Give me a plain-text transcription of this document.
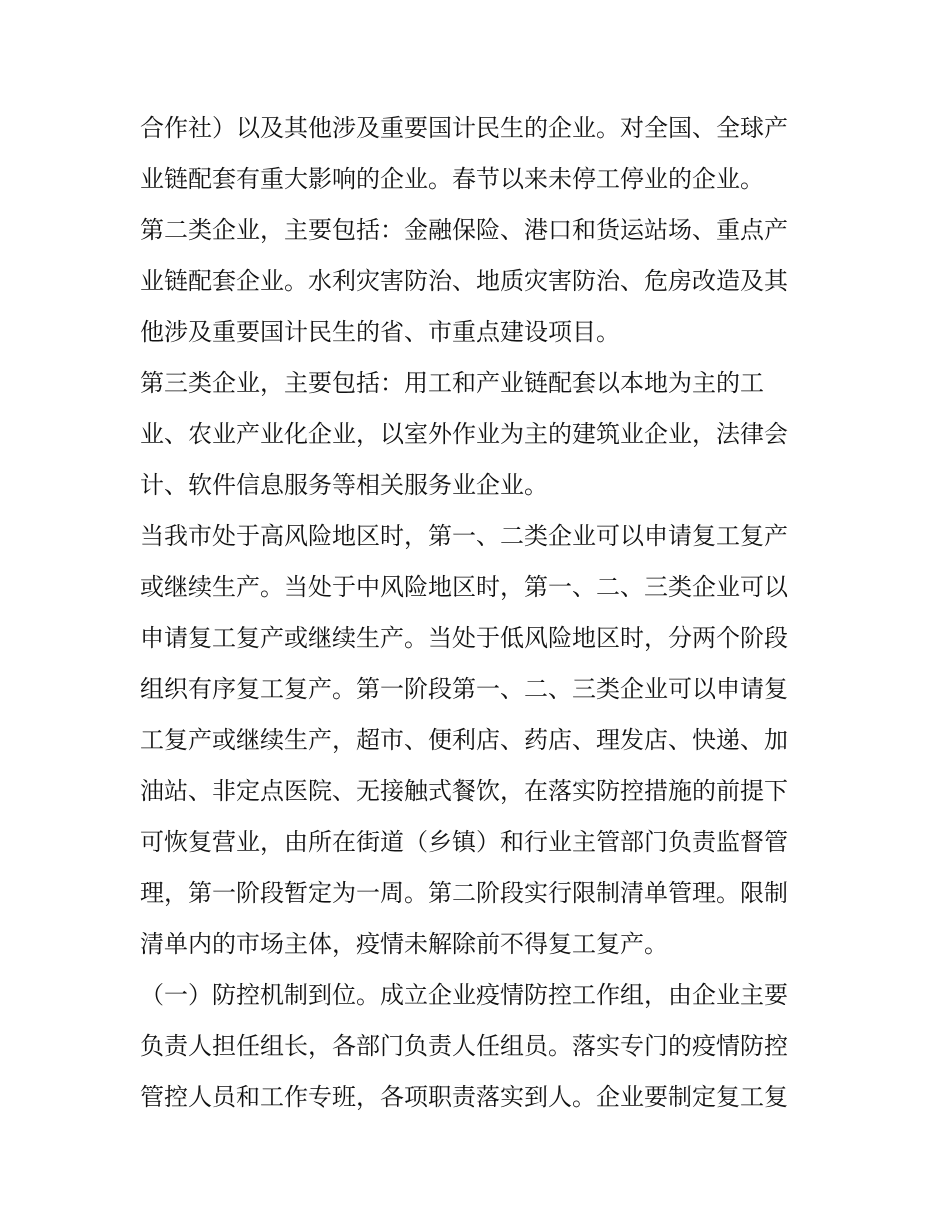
合作社）以及其他涉及重要国计民生的企业。对全国、全球产
业链配套有重大影响的企业。春节以来未停工停业的企业。
第二类企业，主要包括：金融保险、港口和货运站场、重点产
业链配套企业。水利灾害防治、地质灾害防治、危房改造及其
他涉及重要国计民生的省、市重点建设项目。
第三类企业，主要包括：用工和产业链配套以本地为主的工
业、农业产业化企业，以室外作业为主的建筑业企业，法律会
计、软件信息服务等相关服务业企业。
当我市处于高风险地区时，第一、二类企业可以申请复工复产
或继续生产。当处于中风险地区时，第一、二、三类企业可以
申请复工复产或继续生产。当处于低风险地区时，分两个阶段
组织有序复工复产。第一阶段第一、二、三类企业可以申请复
工复产或继续生产，超市、便利店、药店、理发店、快递、加
油站、非定点医院、无接触式餐饮，在落实防控措施的前提下
可恢复营业，由所在街道（乡镇）和行业主管部门负责监督管
理，第一阶段暂定为一周。第二阶段实行限制清单管理。限制
清单内的市场主体，疫情未解除前不得复工复产。
（一）防控机制到位。成立企业疫情防控工作组，由企业主要
负责人担任组长，各部门负责人任组员。落实专门的疫情防控
管控人员和工作专班，各项职责落实到人。企业要制定复工复
